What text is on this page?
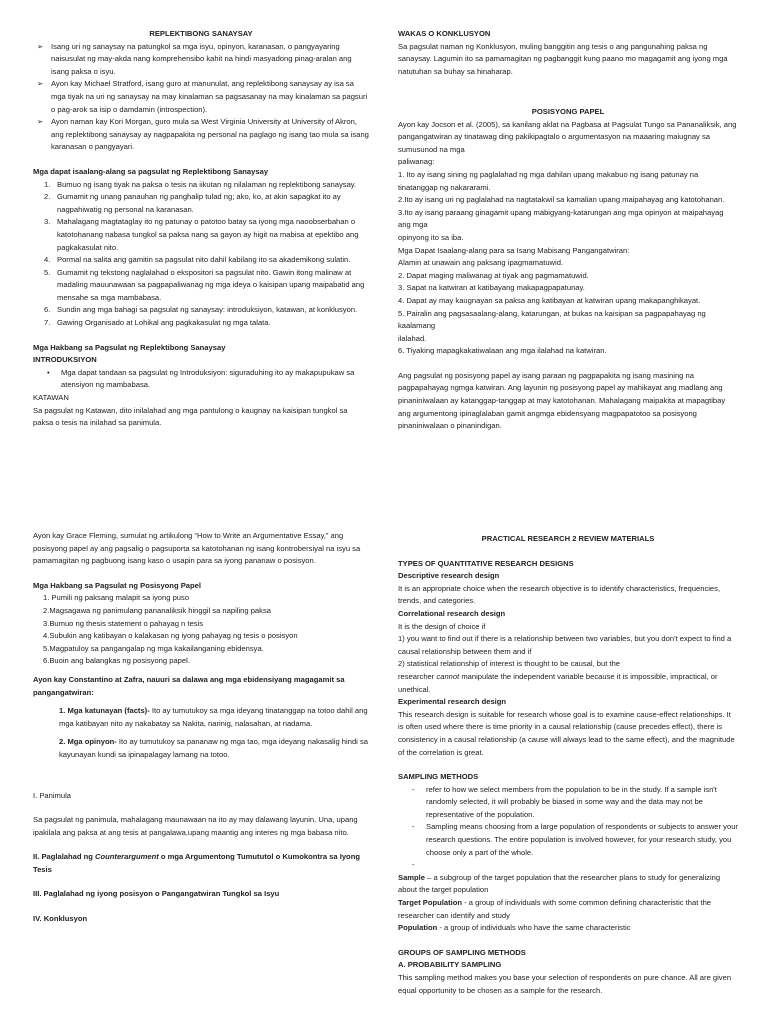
REPLEKTIBONG SANAYSAY
➢ Isang uri ng sanaysay na patungkol sa mga isyu, opinyon, karanasan, o pangyayaring naisusulat ng may-akda nang komprehensibo kahit na hindi masyadong pinag-aralan ang isang paksa o isyu.
➢ Ayon kay Michael Stratford, isang guro at manunulat, ang replektibong sanaysay ay isa sa mga tiyak na uri ng sanaysay na may kinalaman sa pagsasanay na may kinalaman sa pagsuri o pag-arok sa isip o damdamin (introspection).
➢ Ayon naman kay Kori Morgan, guro mula sa West Virginia University at University of Akron, ang replektibong sanaysay ay nagpapakita ng personal na paglago ng isang tao mula sa isang karanasan o pangyayari.
Mga dapat isaalang-alang sa pagsulat ng Replektibong Sanaysay
1. Bumuo ng isang tiyak na paksa o tesis na iikutan ng nilalaman ng replektibong sanaysay.
2. Gumamit ng unang panauhan ng panghalip tulad ng; ako, ko, at akin sapagkat ito ay nagpahiwatig ng personal na karanasan.
3. Mahalagang magtataglay ito ng patunay o patotoo batay sa iyong mga naoobserbahan o katotohanang nabasa tungkol sa paksa nang sa gayon ay higit na mabisa at epektibo ang pagkakasulat nito.
4. Pormal na salita ang gamitin sa pagsulat nito dahil kabilang ito sa akademikong sulatin.
5. Gumamit ng tekstong naglalahad o ekspositori sa pagsulat nito. Gawin itong malinaw at madaling mauunawaan sa pagpapaliwanag ng mga ideya o kaisipan upang maipabatid ang mensahe sa mga mambabasa.
6. Sundin ang mga bahagi sa pagsulat ng sanaysay: introduksiyon, katawan, at konklusyon.
7. Gawing Organisado at Lohikal ang pagkakasulat ng mga talata.
Mga Hakbang sa Pagsulat ng Replektibong Sanaysay
INTRODUKSIYON
• Mga dapat tandaan sa pagsulat ng Introduksiyon: siguraduhing ito ay makapupukaw sa atensiyon ng mambabasa.
KATAWAN

Sa pagsulat ng Katawan, dito inilalahad ang mga pantulong o kaugnay na kaisipan tungkol sa paksa o tesis na inilahad sa panimula.

WAKAS O KONKLUSYON

Sa pagsulat naman ng Konklusyon, muling banggitin ang tesis o ang pangunahing paksa ng sanaysay. Lagumin ito sa pamamagitan ng pagbanggit kung paano mo magagamit ang iyong mga natutuhan sa buhay sa hinaharap.

POSISYONG PAPEL
Ayon kay Jocson et al. (2005), sa kanilang aklat na Pagbasa at Pagsulat Tungo sa Pananaliksik, ang
pangangatwiran ay tinatawag ding pakikipagtalo o argumentasyon na maaaring maiugnay sa sumusunod na mga
paliwanag:
1. Ito ay isang sining ng paglalahad ng mga dahilan upang makabuo ng isang patunay na tinatanggap ng nakararami.
2.Ito ay isang uri ng paglalahad na nagtatakwil sa kamalian upang maipahayag ang katotohanan.
3.Ito ay isang paraang ginagamit upang mabigyang-katarungan ang mga opinyon at maipahayag ang mga
opinyong ito sa iba.
Mga Dapat Isaalang-alang para sa Isang Mabisang Pangangatwiran:
Alamin at unawain ang paksang ipagmamatuwid.
2. Dapat maging maliwanag at tiyak ang pagmamatuwid.
3. Sapat na katwiran at katibayang makapagpapatunay.
4. Dapat ay may kaugnayan sa paksa ang katibayan at katwiran upang makapanghikayat.
5. Pairalin ang pagsasaalang-alang, katarungan, at bukas na kaisipan sa pagpapahayag ng kaalamang
ilalahad.
6. Tiyaking mapagkakatiwalaan ang mga ilalahad na katwiran.

Ang pagsulat ng posisyong papel ay isang paraan ng pagpapakita ng isang masining na pagpapahayag ngmga katwiran. Ang layunin ng posisyong papel ay mahikayat ang madlang ang pinaniniwalaan ay katanggap-tanggap at may katotohanan. Mahalagang maipakita at mapagtibay ang argumentong ipinaglalaban gamit angmga ebidensyang magpapatotoo sa posisyong pinaniniwalaan o pinanindigan.

Ayon kay Grace Fleming, sumulat ng artikulong “How to Write an Argumentative Essay,” ang posisyong papel ay ang pagsalig o pagsuporta sa katotohanan ng isang kontrobersiyal na isyu sa pamamagitan ng pagbuong isang kaso o usapin para sa iyong pananaw o posisyon.

Mga Hakbang sa Pagsulat ng Posisyong Papel
1. Pumili ng paksang malapit sa iyong puso
2.Magsagawa ng panimulang pananaliksik hinggil sa napiling paksa
3.Bumuo ng thesis statement o pahayag n tesis
4.Subukin ang katibayan o kalakasan ng iyong pahayag ng tesis o posisyon
5.Magpatuloy sa pangangalap ng mga kakailanganing ebidensya.
6.Buoin ang balangkas ng posisyong papel.
Ayon kay Constantino at Zafra, nauuri sa dalawa ang mga ebidensiyang magagamit sa pangangatwiran:
1. Mga katunayan (facts)- Ito ay tumutukoy sa mga ideyang tinatanggap na totoo dahil ang mga katibayan nito ay nakabatay sa Nakita, narinig, nalasahan, at nadama.
2. Mga opinyon- Ito ay tumutukoy sa pananaw ng mga tao, mga ideyang nakasalig hindi sa kayunayan kundi sa ipinapalagay lamang na totoo.
I. Panimula

Sa pagsulat ng panimula, mahalagang maunawaan na ito ay may dalawang layunin. Una, upang ipakilala ang paksa at ang tesis at pangalawa,upang maantig ang interes ng mga babasa nito.

II. Paglalahad ng Counterargument o mga Argumentong Tumututol o Kumokontra sa Iyong Tesis
III. Paglalahad ng iyong posisyon o Pangangatwiran Tungkol sa Isyu
IV. Konklusyon
PRACTICAL RESEARCH 2 REVIEW MATERIALS
TYPES OF QUANTITATIVE RESEARCH DESIGNS
Descriptive research design

It is an appropriate choice when the research objective is to identify characteristics, frequencies, trends, and categories.

Correlational research design
It is the design of choice if
1) you want to find out if there is a relationship between two variables, but you don't expect to find a causal relationship between them and if
2) statistical relationship of interest is thought to be causal, but the
researcher cannot manipulate the independent variable because it is impossible, impractical, or unethical.
Experimental research design

This research design is suitable for research whose goal is to examine cause-effect relationships. It is often used where there is time priority in a causal relationship (cause precedes effect), there is consistency in a causal relationship (a cause will always lead to the same effect), and the magnitude of the correlation is great.

SAMPLING METHODS
- refer to how we select members from the population to be in the study. If a sample isn't randomly selected, it will probably be biased in some way and the data may not be representative of the population.
- Sampling means choosing from a large population of respondents or subjects to answer your research questions. The entire population is involved however, for your research study, you choose only a part of the whole.
-
Sample – a subgroup of the target population that the researcher plans to study for generalizing about the target population
Target Population - a group of individuals with some common defining characteristic that the researcher can identify and study
Population - a group of individuals who have the same characteristic
GROUPS OF SAMPLING METHODS
A. PROBABILITY SAMPLING

This sampling method makes you base your selection of respondents on pure chance. All are given equal opportunity to be chosen as a sample for the research.
